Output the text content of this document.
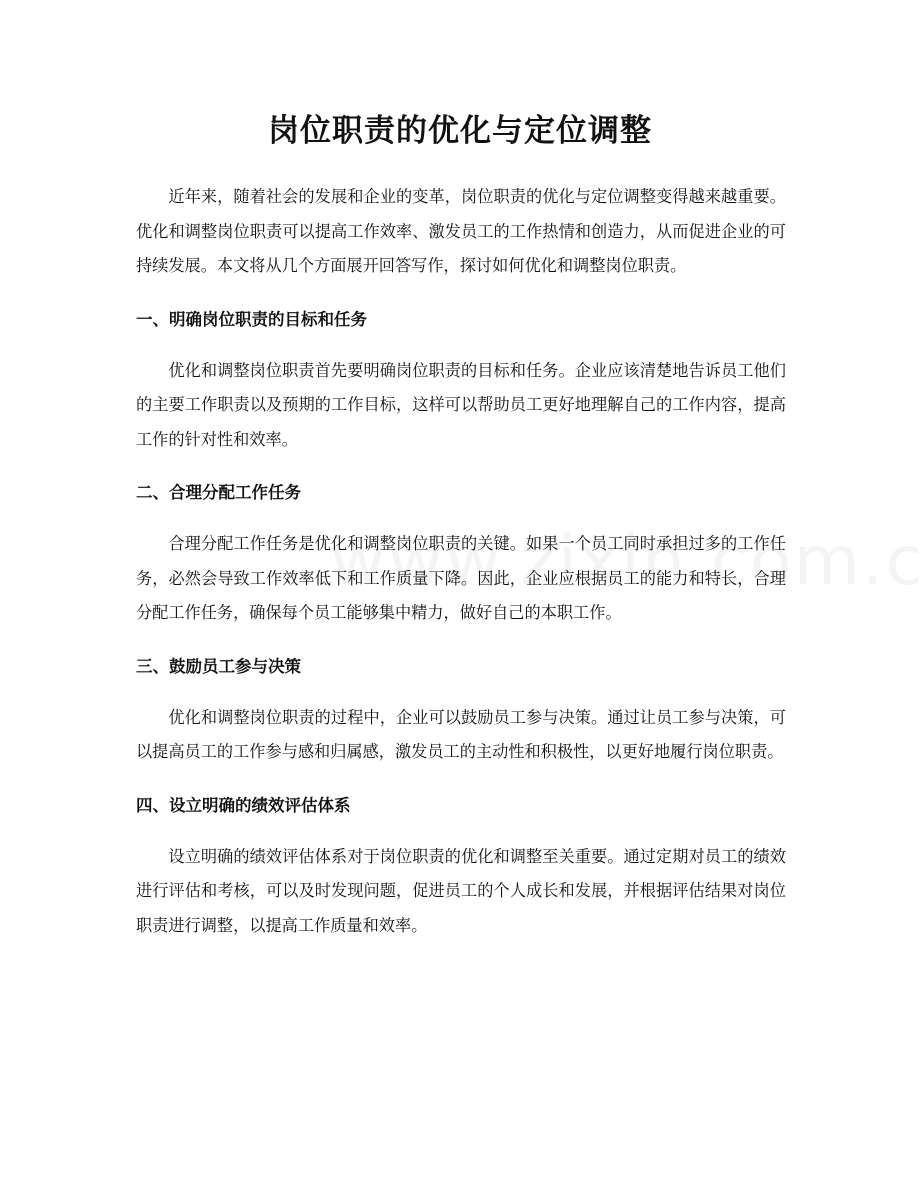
岗位职责的优化与定位调整

近年来，随着社会的发展和企业的变革，岗位职责的优化与定位调整变得越来越重要。优化和调整岗位职责可以提高工作效率、激发员工的工作热情和创造力，从而促进企业的可持续发展。本文将从几个方面展开回答写作，探讨如何优化和调整岗位职责。

一、明确岗位职责的目标和任务

优化和调整岗位职责首先要明确岗位职责的目标和任务。企业应该清楚地告诉员工他们的主要工作职责以及预期的工作目标，这样可以帮助员工更好地理解自己的工作内容，提高工作的针对性和效率。

二、合理分配工作任务

合理分配工作任务是优化和调整岗位职责的关键。如果一个员工同时承担过多的工作任务，必然会导致工作效率低下和工作质量下降。因此，企业应根据员工的能力和特长，合理分配工作任务，确保每个员工能够集中精力，做好自己的本职工作。

三、鼓励员工参与决策

优化和调整岗位职责的过程中，企业可以鼓励员工参与决策。通过让员工参与决策，可以提高员工的工作参与感和归属感，激发员工的主动性和积极性，以更好地履行岗位职责。

四、设立明确的绩效评估体系

设立明确的绩效评估体系对于岗位职责的优化和调整至关重要。通过定期对员工的绩效进行评估和考核，可以及时发现问题，促进员工的个人成长和发展，并根据评估结果对岗位职责进行调整，以提高工作质量和效率。
